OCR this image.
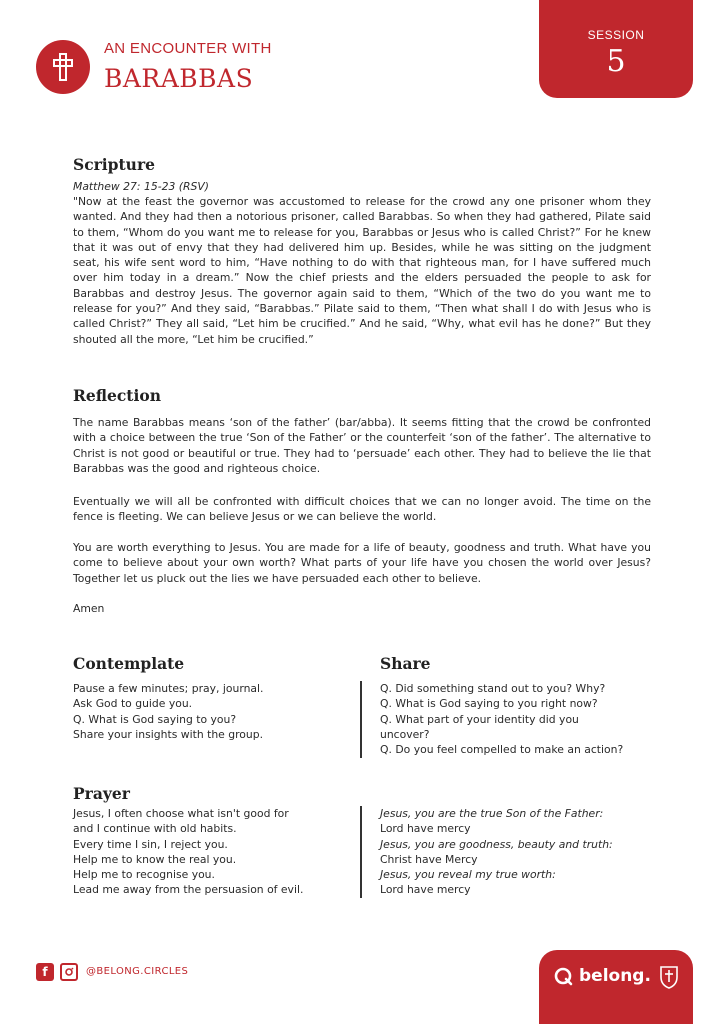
AN ENCOUNTER WITH
BARABBAS
SESSION
5
Scripture
Matthew 27: 15-23 (RSV)
"Now at the feast the governor was accustomed to release for the crowd any one prisoner whom they wanted. And they had then a notorious prisoner, called Barabbas. So when they had gathered, Pilate said to them, “Whom do you want me to release for you, Barabbas or Jesus who is called Christ?” For he knew that it was out of envy that they had delivered him up. Besides, while he was sitting on the judgment seat, his wife sent word to him, “Have nothing to do with that righteous man, for I have suffered much over him today in a dream.” Now the chief priests and the elders persuaded the people to ask for Barabbas and destroy Jesus. The governor again said to them, “Which of the two do you want me to release for you?” And they said, “Barabbas.” Pilate said to them, “Then what shall I do with Jesus who is called Christ?” They all said, “Let him be crucified.” And he said, “Why, what evil has he done?” But they shouted all the more, “Let him be crucified.”
Reflection
The name Barabbas means ‘son of the father’ (bar/abba). It seems fitting that the crowd be confronted with a choice between the true ‘Son of the Father’ or the counterfeit ‘son of the father’. The alternative to Christ is not good or beautiful or true. They had to ‘persuade’ each other. They had to believe the lie that Barabbas was the good and righteous choice.
Eventually we will all be confronted with difficult choices that we can no longer avoid. The time on the fence is fleeting. We can believe Jesus or we can believe the world.
You are worth everything to Jesus. You are made for a life of beauty, goodness and truth. What have you come to believe about your own worth? What parts of your life have you chosen the world over Jesus? Together let us pluck out the lies we have persuaded each other to believe.
Amen
Contemplate
Pause a few minutes; pray, journal.
Ask God to guide you.
Q. What is God saying to you?
Share your insights with the group.
Share
Q. Did something stand out to you? Why?
Q. What is God saying to you right now?
Q. What part of your identity did you
uncover?
Q. Do you feel compelled to make an action?
Prayer
Jesus, I often choose what isn't good for
and I continue with old habits.
Every time I sin, I reject you.
Help me to know the real you.
Help me to recognise you.
Lead me away from the persuasion of evil.
Jesus, you are the true Son of the Father:
Lord have mercy
Jesus, you are goodness, beauty and truth:
Christ have Mercy
Jesus, you reveal my true worth:
Lord have mercy
f	@BELONG.CIRCLES	belong.
